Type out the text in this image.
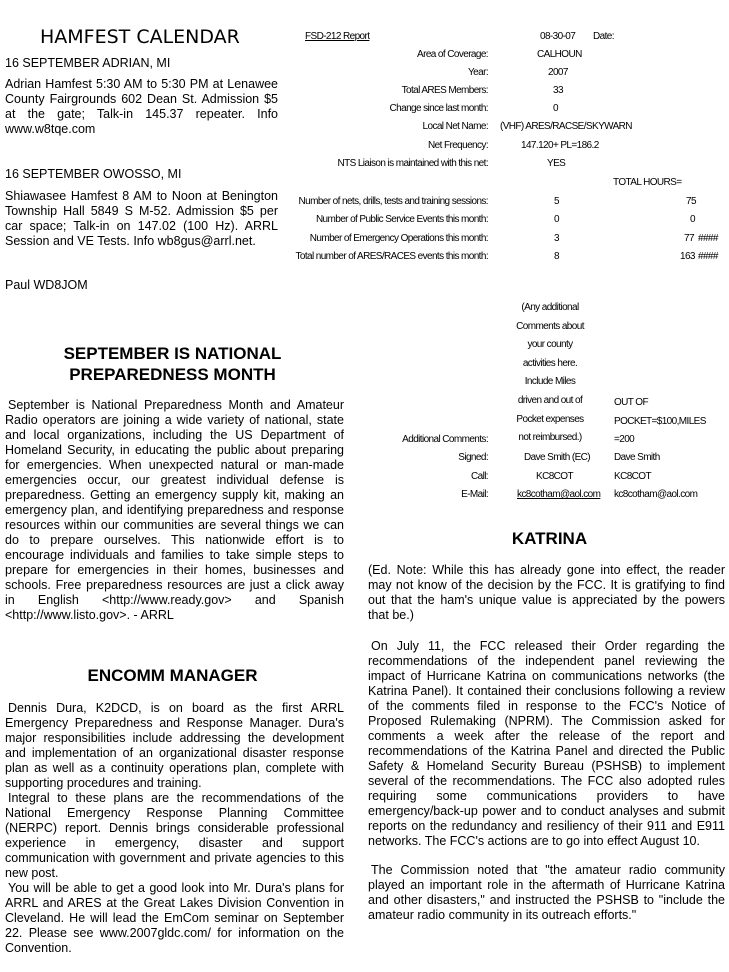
HAMFEST CALENDAR
16 SEPTEMBER ADRIAN, MI

Adrian Hamfest 5:30 AM to 5:30 PM at Lenawee County Fairgrounds 602 Dean St. Admission $5 at the gate; Talk-in 145.37 repeater. Info www.w8tqe.com

16 SEPTEMBER OWOSSO, MI

Shiawasee Hamfest 8 AM to Noon at Benington Township Hall 5849 S M-52. Admission $5 per car space; Talk-in on 147.02 (100 Hz). ARRL Session and VE Tests. Info wb8gus@arrl.net.

Paul WD8JOM
SEPTEMBER IS NATIONAL
PREPAREDNESS MONTH

September is National Preparedness Month and Amateur Radio operators are joining a wide variety of national, state and local organizations, including the US Department of Homeland Security, in educating the public about preparing for emergencies. When unexpected natural or man-made emergencies occur, our greatest individual defense is preparedness. Getting an emergency supply kit, making an emergency plan, and identifying preparedness and response resources within our communities are several things we can do to prepare ourselves. This nationwide effort is to encourage individuals and families to take simple steps to prepare for emergencies in their homes, businesses and schools. Free preparedness resources are just a click away in English <http://www.ready.gov> and Spanish <http://www.listo.gov>. - ARRL

ENCOMM MANAGER

Dennis Dura, K2DCD, is on board as the first ARRL Emergency Preparedness and Response Manager. Dura's major responsibilities include addressing the development and implementation of an organizational disaster response plan as well as a continuity operations plan, complete with supporting procedures and training.

Integral to these plans are the recommendations of the National Emergency Response Planning Committee (NERPC) report. Dennis brings considerable professional experience in emergency, disaster and support communication with government and private agencies to this new post.

You will be able to get a good look into Mr. Dura's plans for ARRL and ARES at the Great Lakes Division Convention in Cleveland. He will lead the EmCom seminar on September 22. Please see www.2007gldc.com/ for information on the Convention.

FSD-212 Report	08-30-07 Date:
Area of Coverage:	CALHOUN
Year:	2007
Total ARES Members:	33
Change since last month:	0
Local Net Name: (VHF) ARES/RACSE/SKYWARN
Net Frequency:	147.120+ PL=186.2
NTS Liaison is maintained with this net:	YES
TOTAL HOURS=
Number of nets, drills, tests and training sessions:	5	75
Number of Public Service Events this month:	0	0
Number of Emergency Operations this month:	3	77 ####
Total number of ARES/RACES events this month:	8	163 ####
(Any additional
Comments about
your county
activities here.
Include Miles
driven and out of
Pocket expenses
not reimbursed.)
OUT OF
POCKET=$100,MILES
=200
Additional Comments:
Signed:	Dave Smith (EC) Dave Smith
Call:	KC8COT	KC8COT
E-Mail:	kc8cotham@aol.com kc8cotham@aol.com
KATRINA

(Ed. Note: While this has already gone into effect, the reader may not know of the decision by the FCC. It is gratifying to find out that the ham's unique value is appreciated by the powers that be.)

On July 11, the FCC released their Order regarding the recommendations of the independent panel reviewing the impact of Hurricane Katrina on communications networks (the Katrina Panel). It contained their conclusions following a review of the comments filed in response to the FCC's Notice of Proposed Rulemaking (NPRM). The Commission asked for comments a week after the release of the report and recommendations of the Katrina Panel and directed the Public Safety & Homeland Security Bureau (PSHSB) to implement several of the recommendations. The FCC also adopted rules requiring some communications providers to have emergency/back-up power and to conduct analyses and submit reports on the redundancy and resiliency of their 911 and E911 networks. The FCC's actions are to go into effect August 10.

The Commission noted that "the amateur radio community played an important role in the aftermath of Hurricane Katrina and other disasters," and instructed the PSHSB to "include the amateur radio community in its outreach efforts."
